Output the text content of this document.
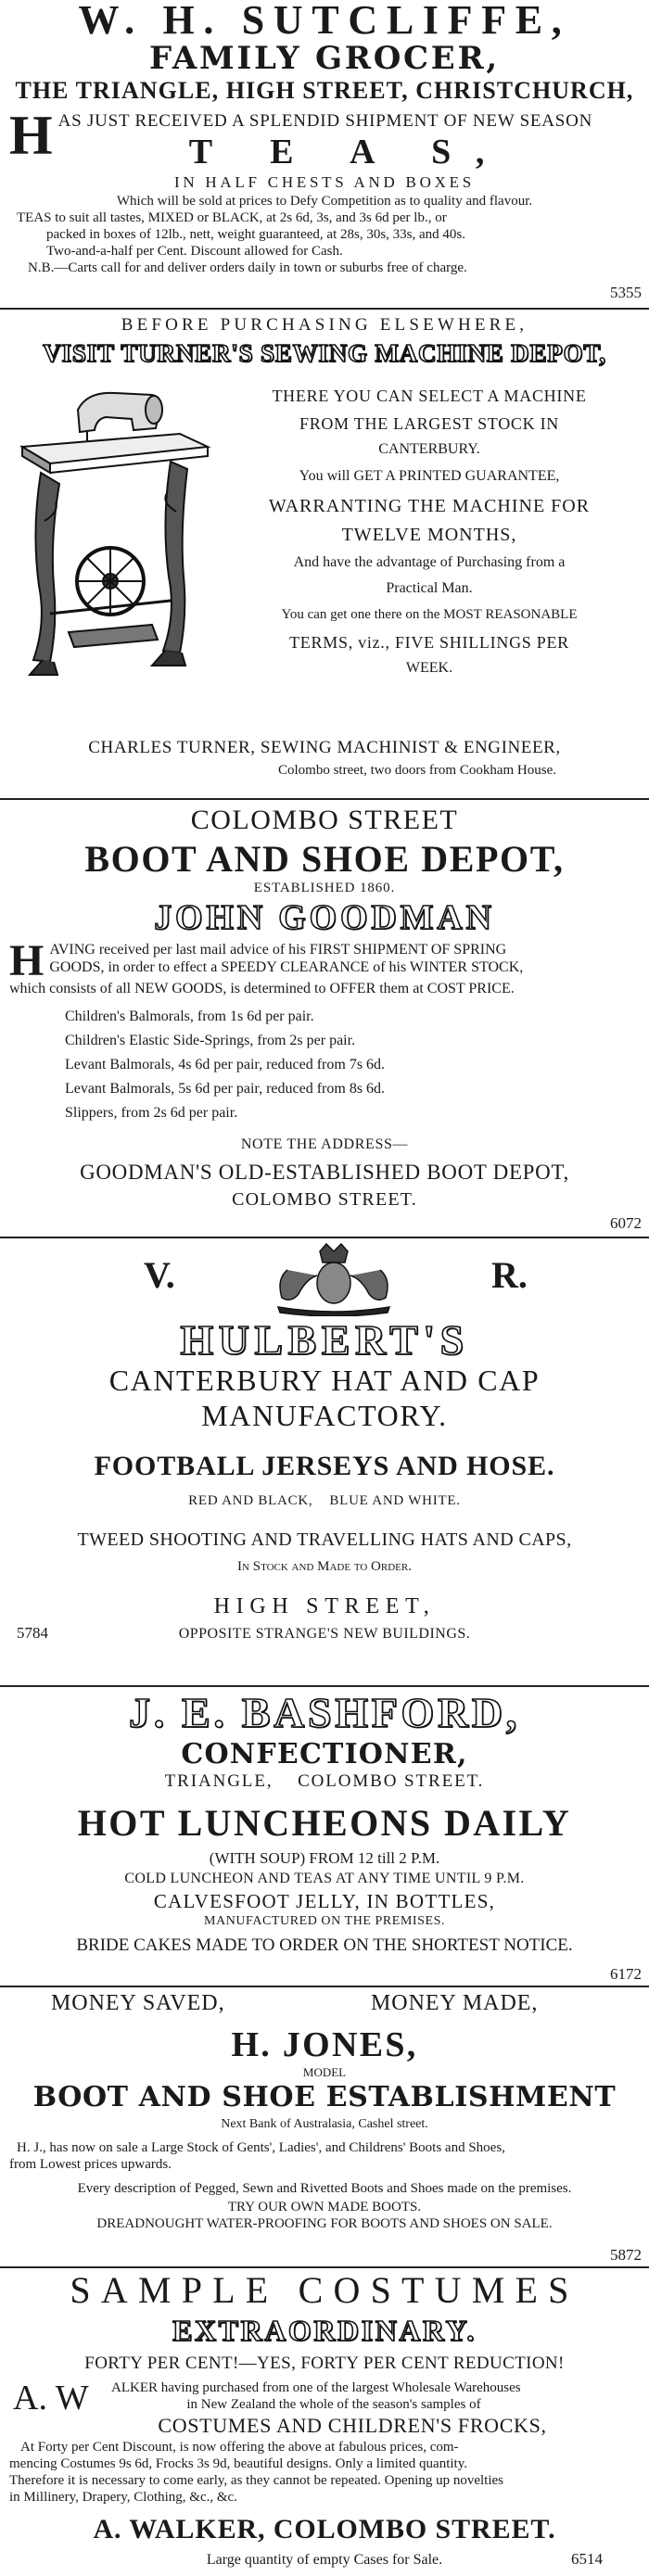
W. H. SUTCLIFFE,
FAMILY GROCER,
THE TRIANGLE, HIGH STREET, CHRISTCHURCH,
H AS JUST RECEIVED A SPLENDID SHIPMENT OF NEW SEASON
T E A S,
IN HALF CHESTS AND BOXES
Which will be sold at prices to Defy Competition as to quality and flavour.
TEAS to suit all tastes, MIXED or BLACK, at 2s 6d, 3s, and 3s 6d per lb., or
packed in boxes of 12lb., nett, weight guaranteed, at 28s, 30s, 33s, and 40s.
Two-and-a-half per Cent. Discount allowed for Cash.
N.B.—Carts call for and deliver orders daily in town or suburbs free of charge.
5355
BEFORE PURCHASING ELSEWHERE,
VISIT TURNER'S SEWING MACHINE DEPOT,
THERE YOU CAN SELECT A MACHINE
FROM THE LARGEST STOCK IN
CANTERBURY.
You will GET A PRINTED GUARANTEE,
WARRANTING THE MACHINE FOR
TWELVE MONTHS,
And have the advantage of Purchasing from a
Practical Man.
You can get one there on the MOST REASONABLE
TERMS, viz., FIVE SHILLINGS PER
WEEK.
CHARLES TURNER, SEWING MACHINIST & ENGINEER,
Colombo street, two doors from Cookham House.
COLOMBO STREET
BOOT AND SHOE DEPOT,
ESTABLISHED 1860.
JOHN GOODMAN
H AVING received per last mail advice of his FIRST SHIPMENT OF SPRING
GOODS, in order to effect a SPEEDY CLEARANCE of his WINTER STOCK,
which consists of all NEW GOODS, is determined to OFFER them at COST PRICE.
Children's Balmorals, from 1s 6d per pair.
Children's Elastic Side-Springs, from 2s per pair.
Levant Balmorals, 4s 6d per pair, reduced from 7s 6d.
Levant Balmorals, 5s 6d per pair, reduced from 8s 6d.
Slippers, from 2s 6d per pair.
NOTE THE ADDRESS—
GOODMAN'S OLD-ESTABLISHED BOOT DEPOT,
COLOMBO STREET.
6072
V.	R.
HULBERT'S
CANTERBURY HAT AND CAP
MANUFACTORY.
FOOTBALL JERSEYS AND HOSE.
RED AND BLACK,    BLUE AND WHITE.
TWEED SHOOTING AND TRAVELLING HATS AND CAPS,
In Stock and Made to Order.
HIGH STREET,
5784	OPPOSITE STRANGE'S NEW BUILDINGS.
J. E. BASHFORD,
CONFECTIONER,
TRIANGLE,    COLOMBO STREET.
HOT LUNCHEONS DAILY
(WITH SOUP) FROM 12 till 2 P.M.
COLD LUNCHEON AND TEAS AT ANY TIME UNTIL 9 P.M.
CALVESFOOT JELLY, IN BOTTLES,
MANUFACTURED ON THE PREMISES.
BRIDE CAKES MADE TO ORDER ON THE SHORTEST NOTICE.
6172
MONEY SAVED,	MONEY MADE,
H. JONES,
MODEL
BOOT AND SHOE ESTABLISHMENT
Next Bank of Australasia, Cashel street.
H. J., has now on sale a Large Stock of Gents', Ladies', and Childrens' Boots and Shoes,
from Lowest prices upwards.
Every description of Pegged, Sewn and Rivetted Boots and Shoes made on the premises.
TRY OUR OWN MADE BOOTS.
DREADNOUGHT WATER-PROOFING FOR BOOTS AND SHOES ON SALE.
5872
SAMPLE COSTUMES
EXTRAORDINARY.
FORTY PER CENT!—YES, FORTY PER CENT REDUCTION!
A. W	ALKER having purchased from one of the largest Wholesale Warehouses
in New Zealand the whole of the season's samples of
COSTUMES AND CHILDREN'S FROCKS,
At Forty per Cent Discount, is now offering the above at fabulous prices, com-
mencing Costumes 9s 6d, Frocks 3s 9d, beautiful designs. Only a limited quantity.
Therefore it is necessary to come early, as they cannot be repeated. Opening up novelties
in Millinery, Drapery, Clothing, &c., &c.
A. WALKER, COLOMBO STREET.
Large quantity of empty Cases for Sale.	6514
